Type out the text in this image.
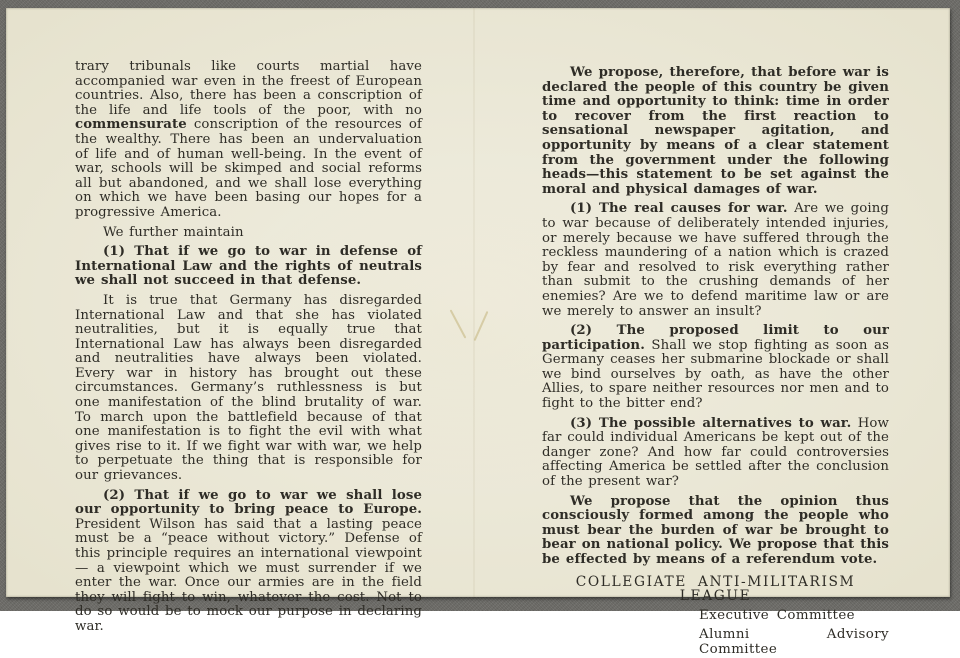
trary tribunals like courts martial have accompanied war even in the freest of European countries. Also, there has been a conscription of the life and life tools of the poor, with no commensurate conscription of the resources of the wealthy. There has been an undervaluation of life and of human well-being. In the event of war, schools will be skimped and social reforms all but abandoned, and we shall lose everything on which we have been basing our hopes for a progressive America.

We further maintain

(1) That if we go to war in defense of International Law and the rights of neutrals we shall not succeed in that defense.

It is true that Germany has disregarded International Law and that she has violated neutralities, but it is equally true that International Law has always been disregarded and neutralities have always been violated. Every war in history has brought out these circumstances. Germany’s ruthlessness is but one manifestation of the blind brutality of war. To march upon the battlefield because of that one manifestation is to fight the evil with what gives rise to it. If we fight war with war, we help to perpetuate the thing that is responsible for our grievances.

(2) That if we go to war we shall lose our opportunity to bring peace to Europe. President Wilson has said that a lasting peace must be a “peace without victory.” Defense of this principle requires an international viewpoint — a viewpoint which we must surrender if we enter the war. Once our armies are in the field they will fight to win, whatever the cost. Not to do so would be to mock our purpose in declaring war.

We propose, therefore, that before war is declared the people of this country be given time and opportunity to think: time in order to recover from the first reaction to sensational newspaper agitation, and opportunity by means of a clear statement from the government under the following heads—this statement to be set against the moral and physical damages of war.

(1) The real causes for war. Are we going to war because of deliberately intended injuries, or merely because we have suffered through the reckless maundering of a nation which is crazed by fear and resolved to risk everything rather than submit to the crushing demands of her enemies? Are we to defend maritime law or are we merely to answer an insult?

(2) The proposed limit to our participation. Shall we stop fighting as soon as Germany ceases her submarine blockade or shall we bind ourselves by oath, as have the other Allies, to spare neither resources nor men and to fight to the bitter end?

(3) The possible alternatives to war. How far could individual Americans be kept out of the danger zone? And how far could controversies affecting America be settled after the conclusion of the present war?

We propose that the opinion thus consciously formed among the people who must bear the burden of war be brought to bear on national policy. We propose that this be effected by means of a referendum vote.

COLLEGIATE ANTI-MILITARISM LEAGUE
Executive Committee
Alumni Advisory Committee
